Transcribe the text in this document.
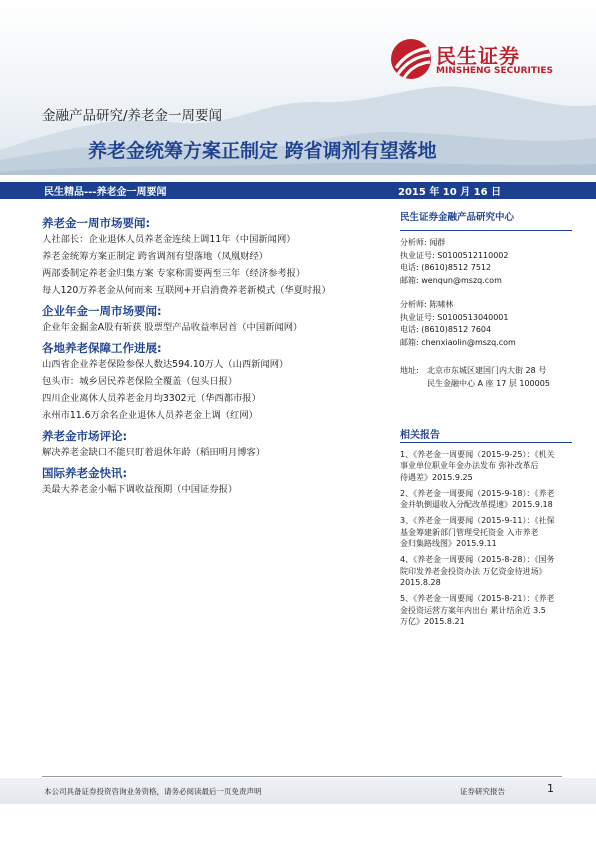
民生证券
MINSHENG SECURITIES
金融产品研究/养老金一周要闻
养老金统筹方案正制定 跨省调剂有望落地
民生精品---养老金一周要闻	2015 年 10 月 16 日
养老金一周市场要闻:
人社部长：企业退休人员养老金连续上调11年（中国新闻网）
养老金统筹方案正制定 跨省调剂有望落地（凤凰财经）
两部委制定养老金归集方案 专家称需要两至三年（经济参考报）
每人120万养老金从何而来 互联网+开启消费养老新模式（华夏时报）
企业年金一周市场要闻:
企业年金掘金A股有斩获 股票型产品收益率居首（中国新闻网）
各地养老保障工作进展:
山西省企业养老保险参保人数达594.10万人（山西新闻网）
包头市：城乡居民养老保险全覆盖（包头日报）
四川企业离休人员养老金月均3302元（华西都市报）
永州市11.6万余名企业退休人员养老金上调（红网）
养老金市场评论:
解决养老金缺口不能只盯着退休年龄（稻田明月博客）
国际养老金快讯:
美最大养老金小幅下调收益预期（中国证券报）
民生证券金融产品研究中心
分析师: 闻群
执业证号: S0100512110002
电话: (8610)8512 7512
邮箱: wenqun@mszq.com
分析师: 陈啸林
执业证号: S0100513040001
电话: (8610)8512 7604
邮箱: chenxiaolin@mszq.com
地址: 北京市东城区建国门内大街 28 号
民生金融中心 A 座 17 层 100005
相关报告
1、《养老金一周要闻（2015-9-25）：《机关
事业单位职业年金办法发布 弥补改革后
待遇差》2015.9.25
2、《养老金一周要闻（2015-9-18）：《养老
金并轨倒逼收入分配改革提速》2015.9.18
3、《养老金一周要闻（2015-9-11）：《社保
基金筹建新部门管理受托资金 入市养老
金归集路线图》2015.9.11
4、《养老金一周要闻（2015-8-28）：《国务
院印发养老金投资办法 万亿资金待进场》
2015.8.28
5、《养老金一周要闻（2015-8-21）：《养老
金投资运营方案年内出台 累计结余近 3.5
万亿》2015.8.21
本公司具备证券投资咨询业务资格，请务必阅读最后一页免责声明	证券研究报告	1
